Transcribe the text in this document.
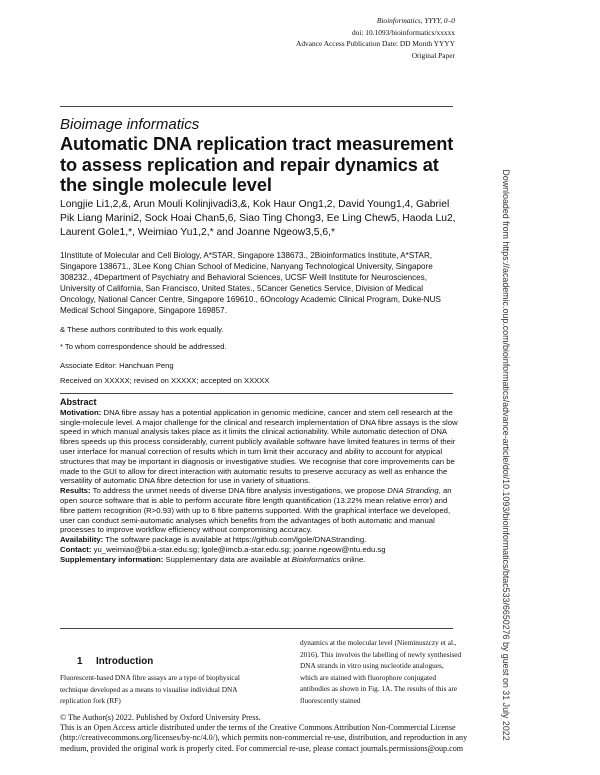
Bioinformatics, YYYY, 0–0
doi: 10.1093/bioinformatics/xxxxx
Advance Access Publication Date: DD Month YYYY
Original Paper
Bioimage informatics
Automatic DNA replication tract measurement to assess replication and repair dynamics at the single molecule level
Longjie Li1,2,&, Arun Mouli Kolinjivadi3,&, Kok Haur Ong1,2, David Young1,4, Gabriel Pik Liang Marini2, Sock Hoai Chan5,6, Siao Ting Chong3, Ee Ling Chew5, Haoda Lu2, Laurent Gole1,*, Weimiao Yu1,2,* and Joanne Ngeow3,5,6,*
1Institute of Molecular and Cell Biology, A*STAR, Singapore 138673., 2Bioinformatics Institute, A*STAR, Singapore 138671., 3Lee Kong Chian School of Medicine, Nanyang Technological University, Singapore 308232., 4Department of Psychiatry and Behavioral Sciences, UCSF Weill Institute for Neurosciences, University of California, San Francisco, United States., 5Cancer Genetics Service, Division of Medical Oncology, National Cancer Centre, Singapore 169610., 6Oncology Academic Clinical Program, Duke-NUS Medical School Singapore, Singapore 169857.
& These authors contributed to this work equally.
* To whom correspondence should be addressed.
Associate Editor: Hanchuan Peng
Received on XXXXX; revised on XXXXX; accepted on XXXXX
Abstract

Motivation: DNA fibre assay has a potential application in genomic medicine, cancer and stem cell research at the single-molecule level. A major challenge for the clinical and research implementation of DNA fibre assays is the slow speed in which manual analysis takes place as it limits the clinical actionability. While automatic detection of DNA fibres speeds up this process considerably, current publicly available software have limited features in terms of their user interface for manual correction of results which in turn limit their accuracy and ability to account for atypical structures that may be important in diagnosis or investigative studies. We recognise that core improvements can be made to the GUI to allow for direct interaction with automatic results to preserve accuracy as well as enhance the versatility of automatic DNA fibre detection for use in variety of situations.

Results: To address the unmet needs of diverse DNA fibre analysis investigations, we propose DNA Stranding, an open source software that is able to perform accurate fibre length quantification (13.22% mean relative error) and fibre pattern recognition (R>0.93) with up to 6 fibre patterns supported. With the graphical interface we developed, user can conduct semi-automatic analyses which benefits from the advantages of both automatic and manual processes to improve workflow efficiency without compromising accuracy.

Availability: The software package is available at https://github.com/lgole/DNAStranding.

Contact: yu_weimiao@bii.a-star.edu.sg; lgole@imcb.a-star.edu.sg; joanne.ngeow@ntu.edu.sg

Supplementary information: Supplementary data are available at Bioinformatics online.

1     Introduction
Fluorescent-based DNA fibre assays are a type of biophysical technique developed as a means to visualise individual DNA replication fork (RF)
dynamics at the molecular level (Nieminuszczy et al., 2016). This involves the labelling of newly synthesised DNA strands in vitro using nucleotide analogues, which are stained with fluorophore conjugated antibodies as shown in Fig. 1A. The results of this are fluorescently stained

© The Author(s) 2022. Published by Oxford University Press.

This is an Open Access article distributed under the terms of the Creative Commons Attribution Non-Commercial License

(http://creativecommons.org/licenses/by-nc/4.0/), which permits non-commercial re-use, distribution, and reproduction in any

medium, provided the original work is properly cited. For commercial re-use, please contact journals.permissions@oup.com

Downloaded from https://academic.oup.com/bioinformatics/advance-article/doi/10.1093/bioinformatics/btac533/6650276 by guest on 31 July 2022
